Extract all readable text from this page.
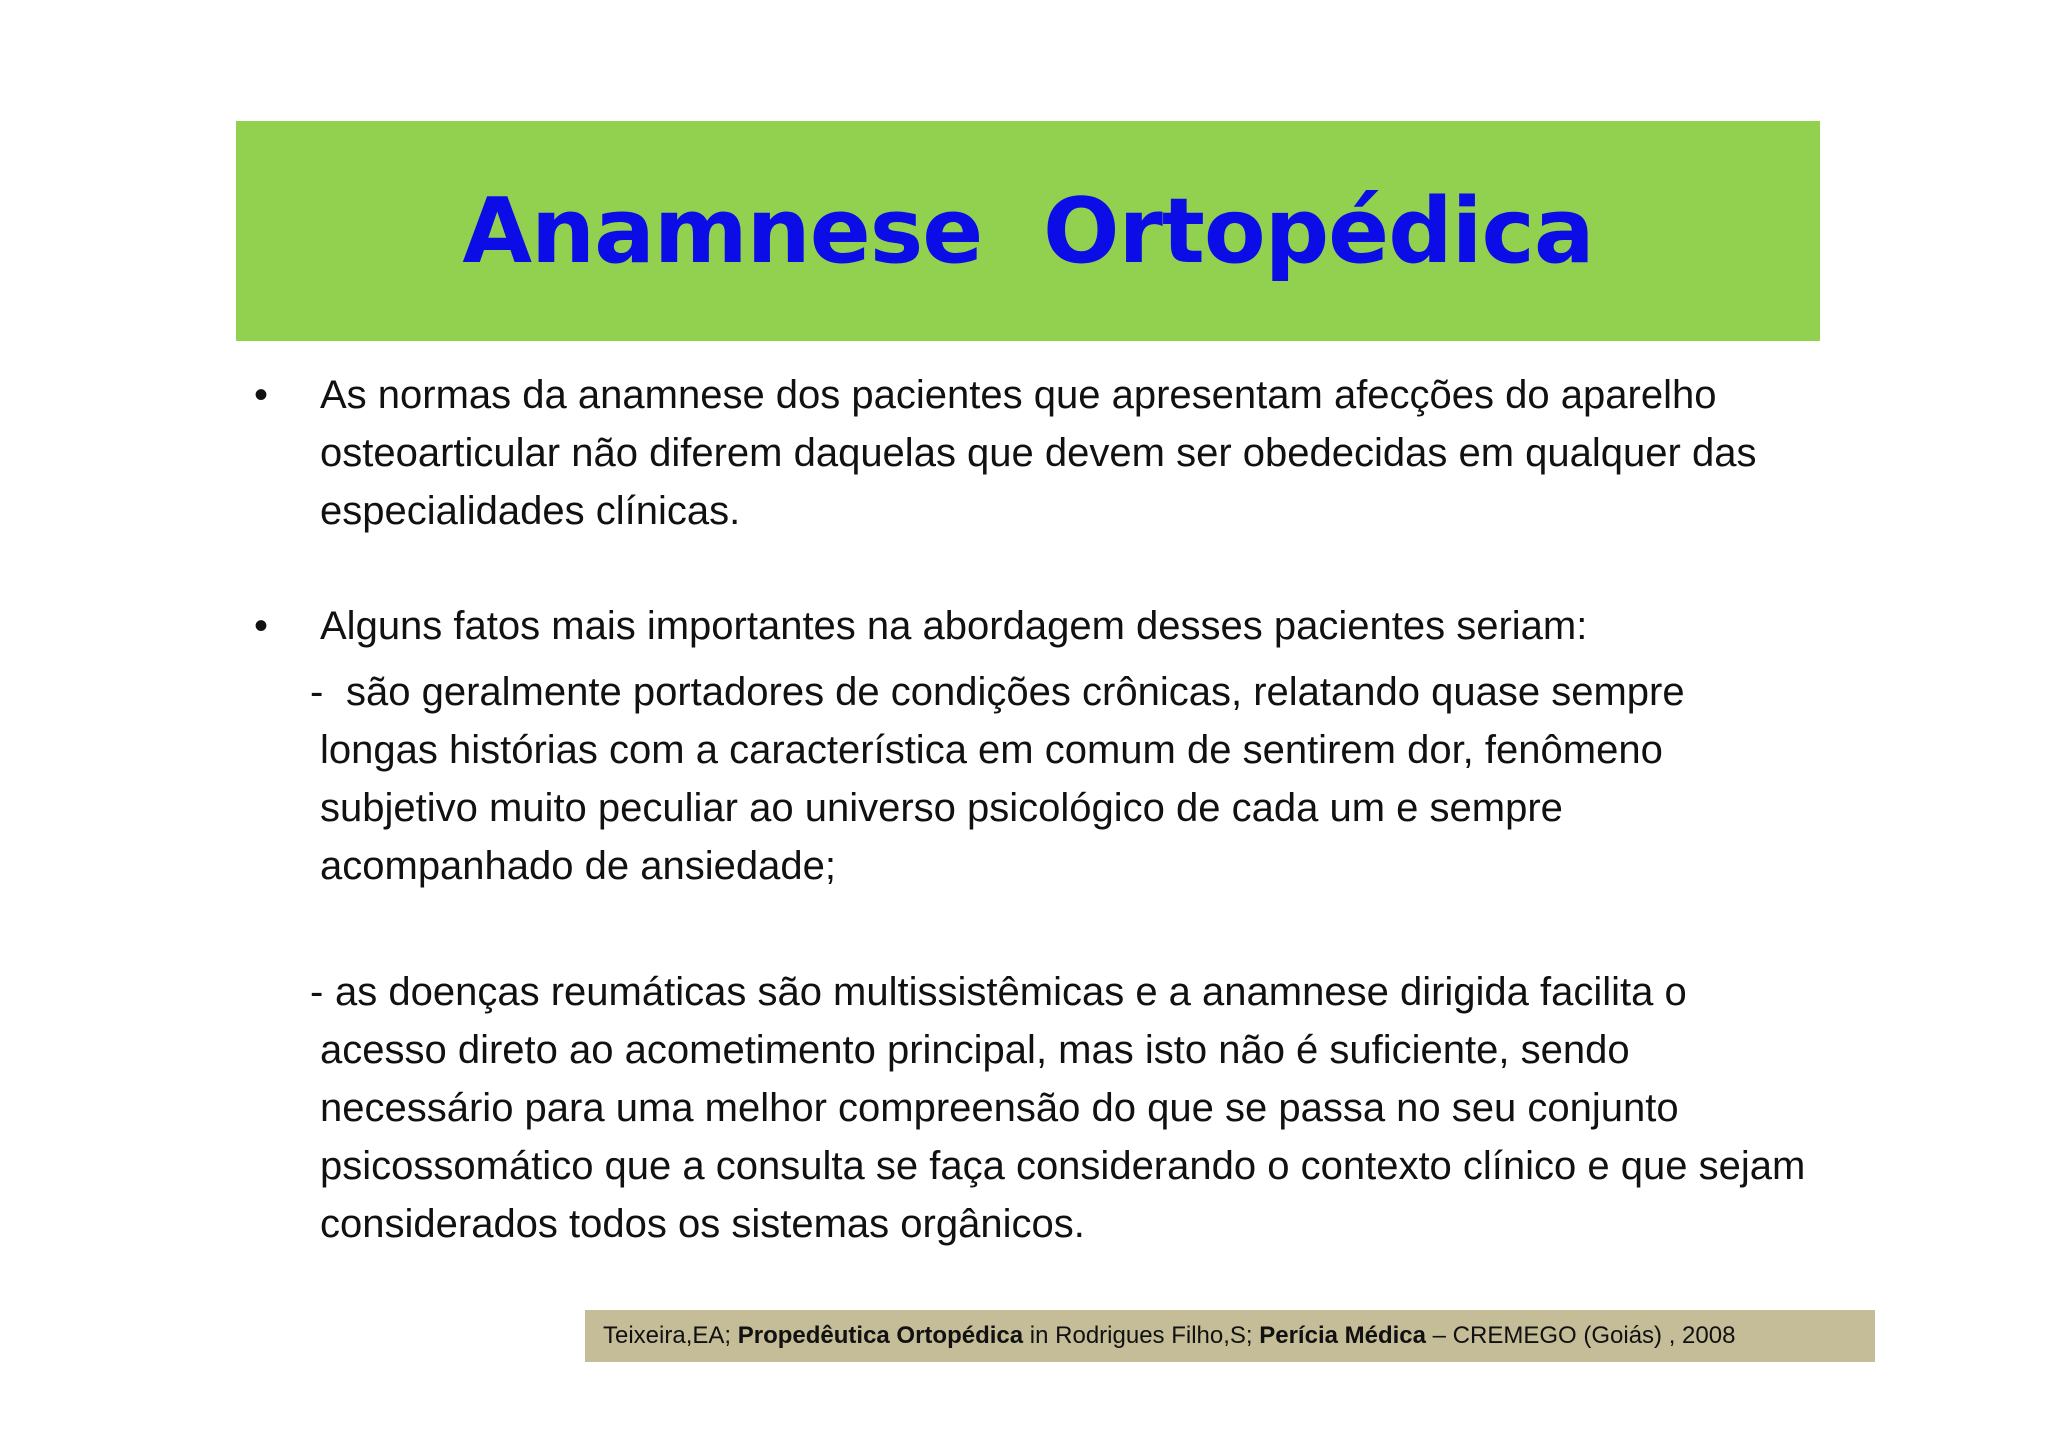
Anamnese  Ortopédica
•	As normas da anamnese dos pacientes que apresentam afecções do aparelho osteoarticular não diferem daquelas que devem ser obedecidas em qualquer das especialidades clínicas.
•	Alguns fatos mais importantes na abordagem desses pacientes seriam:
- são geralmente portadores de condições crônicas, relatando quase sempre longas histórias com a característica em comum de sentirem dor, fenômeno subjetivo muito peculiar ao universo psicológico de cada um e sempre acompanhado de ansiedade;
- as doenças reumáticas são multissistêmicas e a anamnese dirigida facilita o acesso direto ao acometimento principal, mas isto não é suficiente, sendo necessário para uma melhor compreensão do que se passa no seu conjunto psicossomático que a consulta se faça considerando o contexto clínico e que sejam considerados todos os sistemas orgânicos.
Teixeira,EA; Propedêutica Ortopédica in Rodrigues Filho,S; Perícia Médica – CREMEGO (Goiás) , 2008
